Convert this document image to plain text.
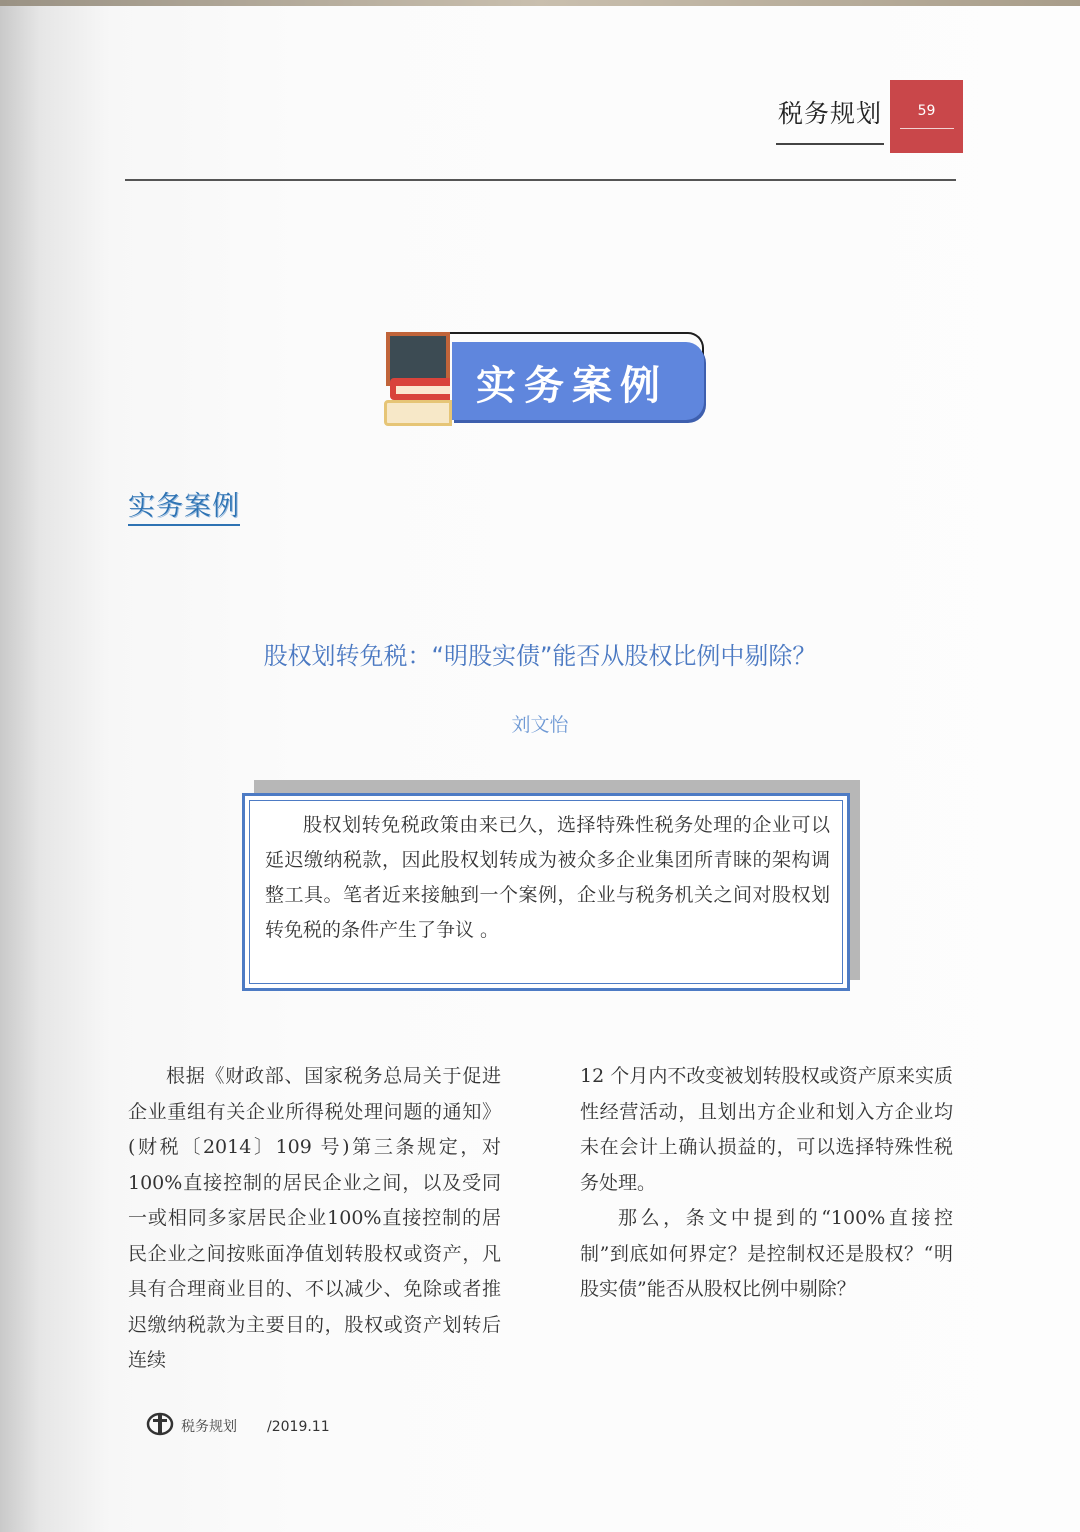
税务规划	59
实务案例
实务案例
股权划转免税：“明股实债”能否从股权比例中剔除？
刘文怡
股权划转免税政策由来已久，选择特殊性税务处理的企业可以延迟缴纳税款，因此股权划转成为被众多企业集团所青睐的架构调整工具。笔者近来接触到一个案例，企业与税务机关之间对股权划转免税的条件产生了争议 。

根据《财政部、国家税务总局关于促进企业重组有关企业所得税处理问题的通知》 (财税〔2014〕109 号)第三条规定，对 100%直接控制的居民企业之间，以及受同一或相同多家居民企业100%直接控制的居民企业之间按账面净值划转股权或资产，凡具有合理商业目的、不以减少、免除或者推迟缴纳税款为主要目的，股权或资产划转后连续

12 个月内不改变被划转股权或资产原来实质性经营活动，且划出方企业和划入方企业均未在会计上确认损益的，可以选择特殊性税务处理。

那么，条文中提到的“100%直接控制”到底如何界定？是控制权还是股权？“明股实债”能否从股权比例中剔除？

税务规划 /2019.11
